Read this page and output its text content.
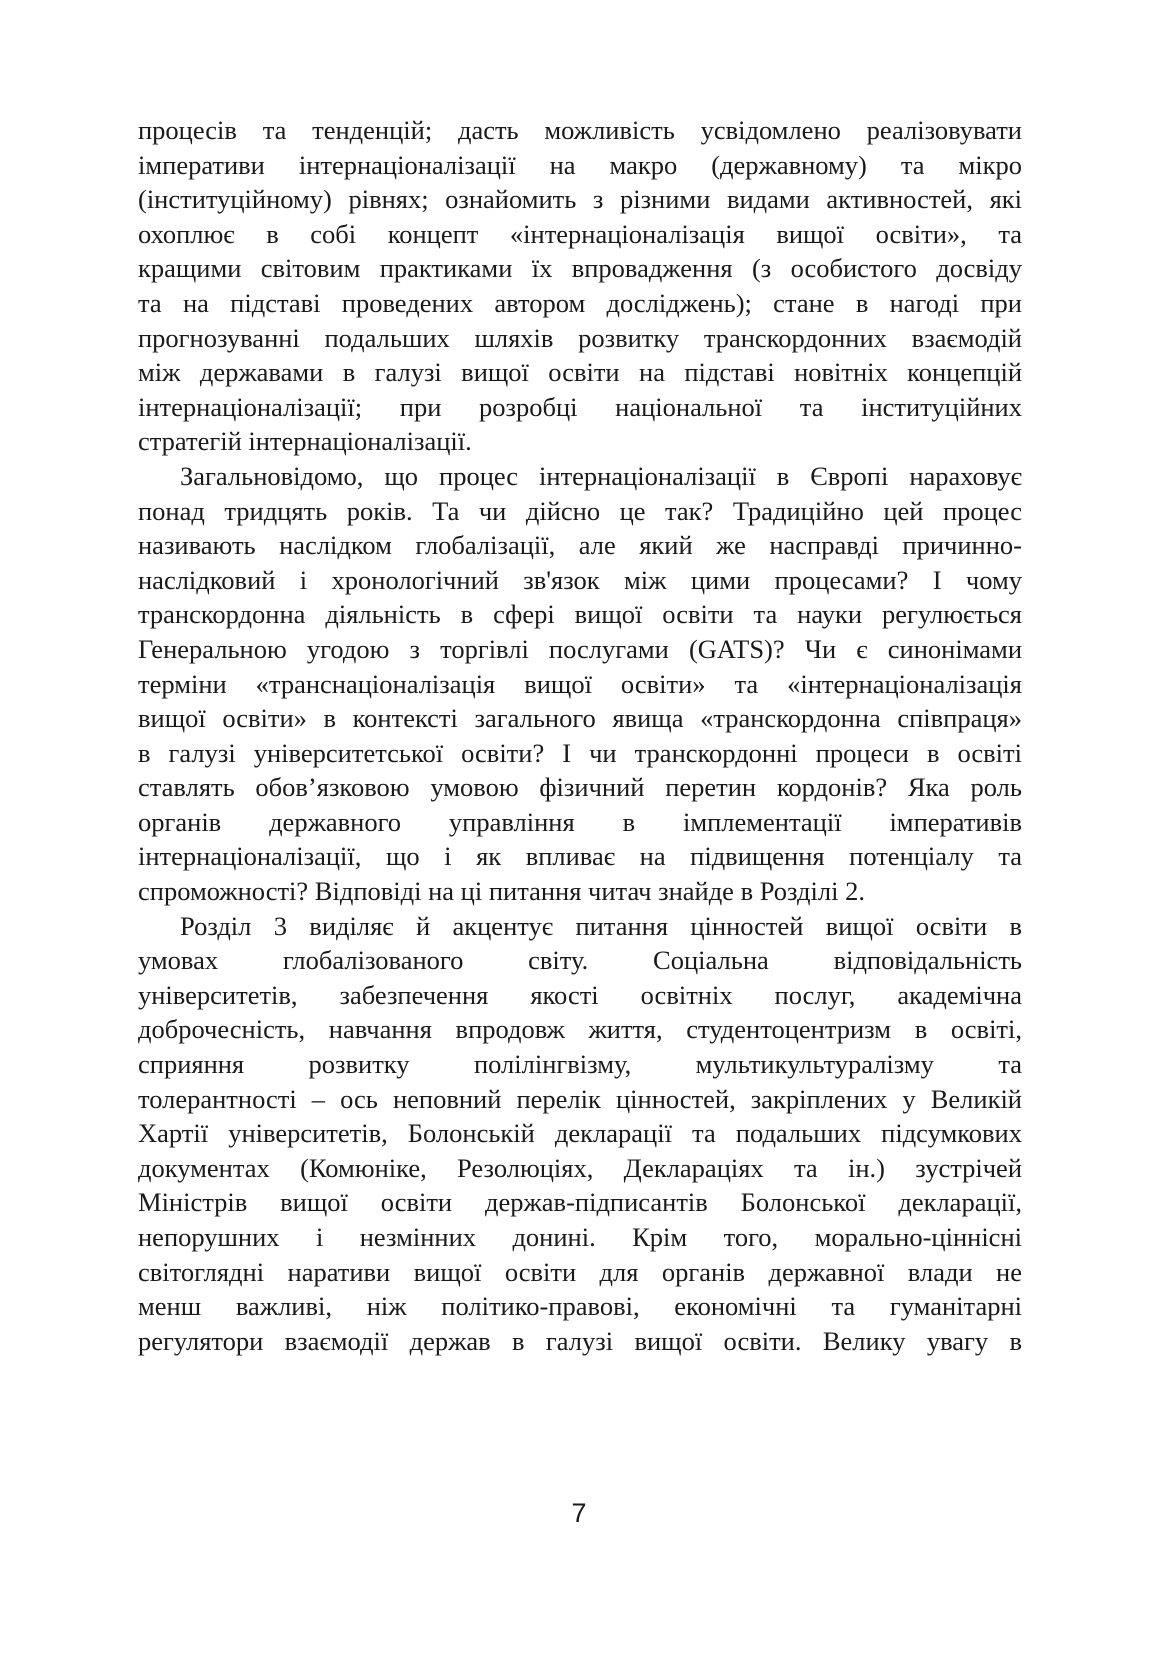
процесів та тенденцій; дасть можливість усвідомлено реалізовувати
імперативи інтернаціоналізації на макро (державному) та мікро
(інституційному) рівнях; ознайомить з різними видами активностей, які
охоплює в собі концепт «інтернаціоналізація вищої освіти», та
кращими світовим практиками їх впровадження (з особистого досвіду
та на підставі проведених автором досліджень); стане в нагоді при
прогнозуванні подальших шляхів розвитку транскордонних взаємодій
між державами в галузі вищої освіти на підставі новітніх концепцій
інтернаціоналізації; при розробці національної та інституційних
стратегій інтернаціоналізації.

Загальновідомо, що процес інтернаціоналізації в Європі нараховує
понад тридцять років. Та чи дійсно це так? Традиційно цей процес
називають наслідком глобалізації, але який же насправді причинно-
наслідковий і хронологічний зв'язок між цими процесами? І чому
транскордонна діяльність в сфері вищої освіти та науки регулюється
Генеральною угодою з торгівлі послугами (GATS)? Чи є синонімами
терміни «транснаціоналізація вищої освіти» та «інтернаціоналізація
вищої освіти» в контексті загального явища «транскордонна співпраця»
в галузі університетської освіти? І чи транскордонні процеси в освіті
ставлять обов’язковою умовою фізичний перетин кордонів? Яка роль
органів державного управління в імплементації імперативів
інтернаціоналізації, що і як впливає на підвищення потенціалу та
спроможності? Відповіді на ці питання читач знайде в Розділі 2.

Розділ 3 виділяє й акцентує питання цінностей вищої освіти в
умовах глобалізованого світу. Соціальна відповідальність
університетів, забезпечення якості освітніх послуг, академічна
доброчесність, навчання впродовж життя, студентоцентризм в освіті,
сприяння розвитку полілінгвізму, мультикультуралізму та
толерантності – ось неповний перелік цінностей, закріплених у Великій
Хартії університетів, Болонській декларації та подальших підсумкових
документах (Комюніке, Резолюціях, Деклараціях та ін.) зустрічей
Міністрів вищої освіти держав-підписантів Болонської декларації,
непорушних і незмінних донині. Крім того, морально-ціннісні
світоглядні наративи вищої освіти для органів державної влади не
менш важливі, ніж політико-правові, економічні та гуманітарні
регулятори взаємодії держав в галузі вищої освіти. Велику увагу в

7
